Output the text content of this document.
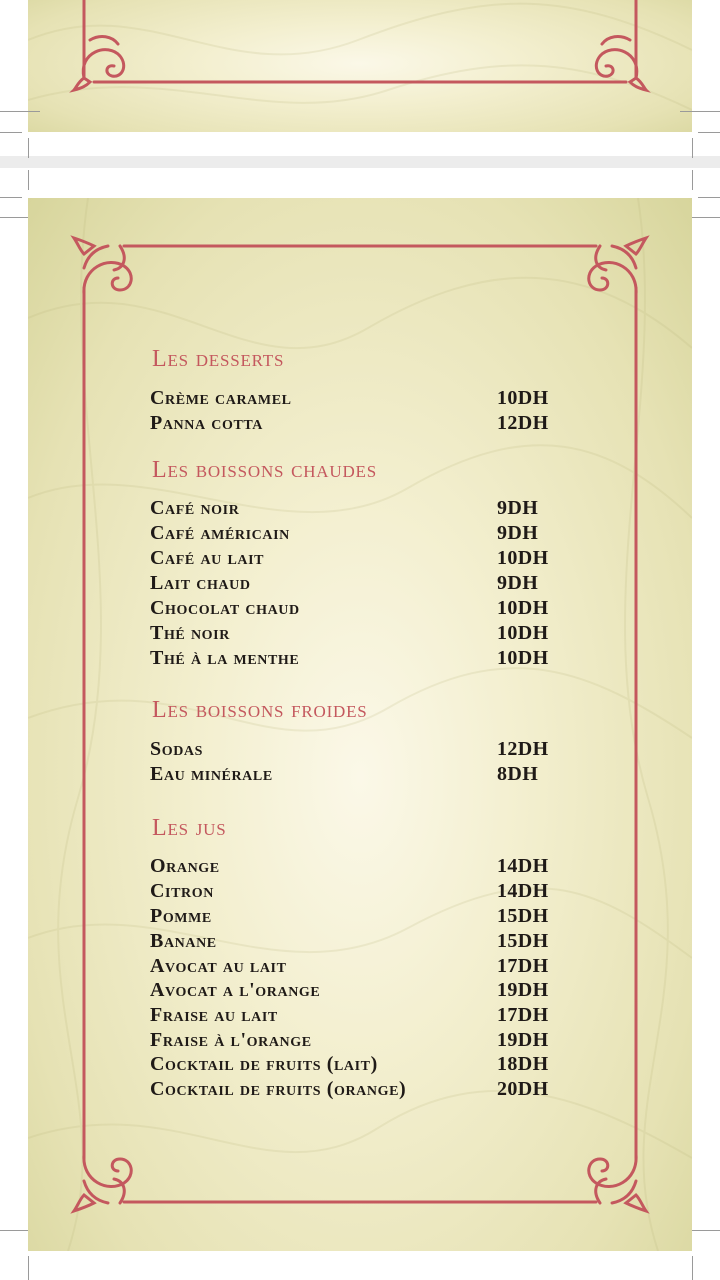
Les desserts
Crème caramel	10DH
Panna cotta	12DH
Les boissons chaudes
Café noir	9DH
Café américain	9DH
Café au lait	10DH
Lait chaud	9DH
Chocolat chaud	10DH
Thé noir	10DH
Thé à la menthe	10DH
Les boissons froides
Sodas	12DH
Eau minérale	8DH
Les jus
Orange	14DH
Citron	14DH
Pomme	15DH
Banane	15DH
Avocat au lait	17DH
Avocat a l'orange	19DH
Fraise au lait	17DH
Fraise à l'orange	19DH
Cocktail de fruits (lait)	18DH
Cocktail de fruits (orange)	20DH
